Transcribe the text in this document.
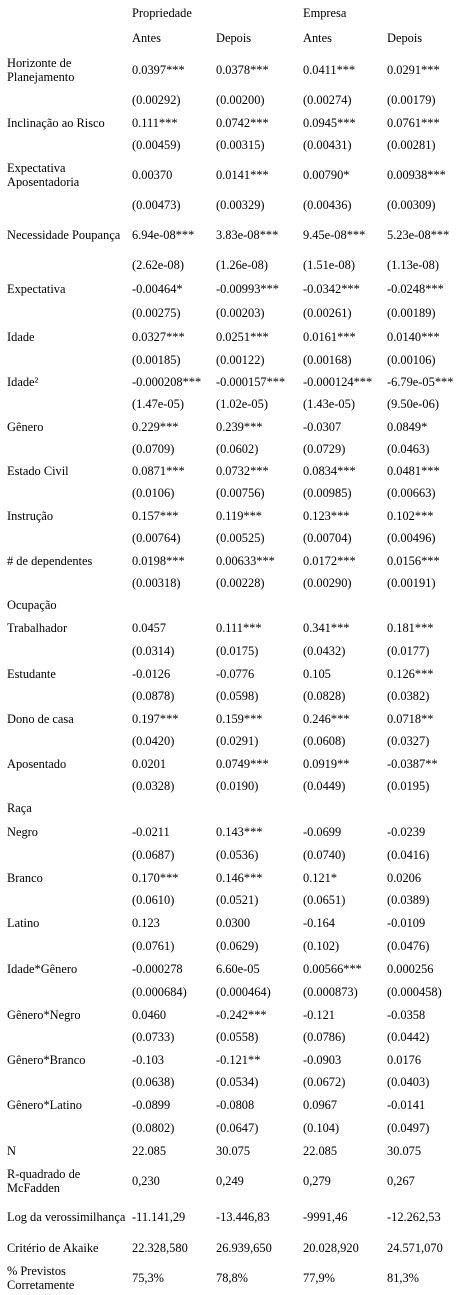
	Propriedade		Empresa	
	Antes	Depois	Antes	Depois
Horizonte de Planejamento	0.0397***	0.0378***	0.0411***	0.0291***
	(0.00292)	(0.00200)	(0.00274)	(0.00179)
Inclinação ao Risco	0.111***	0.0742***	0.0945***	0.0761***
	(0.00459)	(0.00315)	(0.00431)	(0.00281)
Expectativa Aposentadoria	0.00370	0.0141***	0.00790*	0.00938***
	(0.00473)	(0.00329)	(0.00436)	(0.00309)
Necessidade Poupança	6.94e-08***	3.83e-08***	9.45e-08***	5.23e-08***
	(2.62e-08)	(1.26e-08)	(1.51e-08)	(1.13e-08)
Expectativa	-0.00464*	-0.00993***	-0.0342***	-0.0248***
	(0.00275)	(0.00203)	(0.00261)	(0.00189)
Idade	0.0327***	0.0251***	0.0161***	0.0140***
	(0.00185)	(0.00122)	(0.00168)	(0.00106)
Idade²	-0.000208***	-0.000157***	-0.000124***	-6.79e-05***
	(1.47e-05)	(1.02e-05)	(1.43e-05)	(9.50e-06)
Gênero	0.229***	0.239***	-0.0307	0.0849*
	(0.0709)	(0.0602)	(0.0729)	(0.0463)
Estado Civil	0.0871***	0.0732***	0.0834***	0.0481***
	(0.0106)	(0.00756)	(0.00985)	(0.00663)
Instrução	0.157***	0.119***	0.123***	0.102***
	(0.00764)	(0.00525)	(0.00704)	(0.00496)
# de dependentes	0.0198***	0.00633***	0.0172***	0.0156***
	(0.00318)	(0.00228)	(0.00290)	(0.00191)
Ocupação				
Trabalhador	0.0457	0.111***	0.341***	0.181***
	(0.0314)	(0.0175)	(0.0432)	(0.0177)
Estudante	-0.0126	-0.0776	0.105	0.126***
	(0.0878)	(0.0598)	(0.0828)	(0.0382)
Dono de casa	0.197***	0.159***	0.246***	0.0718**
	(0.0420)	(0.0291)	(0.0608)	(0.0327)
Aposentado	0.0201	0.0749***	0.0919**	-0.0387**
	(0.0328)	(0.0190)	(0.0449)	(0.0195)
Raça				
Negro	-0.0211	0.143***	-0.0699	-0.0239
	(0.0687)	(0.0536)	(0.0740)	(0.0416)
Branco	0.170***	0.146***	0.121*	0.0206
	(0.0610)	(0.0521)	(0.0651)	(0.0389)
Latino	0.123	0.0300	-0.164	-0.0109
	(0.0761)	(0.0629)	(0.102)	(0.0476)
Idade*Gênero	-0.000278	6.60e-05	0.00566***	0.000256
	(0.000684)	(0.000464)	(0.000873)	(0.000458)
Gênero*Negro	0.0460	-0.242***	-0.121	-0.0358
	(0.0733)	(0.0558)	(0.0786)	(0.0442)
Gênero*Branco	-0.103	-0.121**	-0.0903	0.0176
	(0.0638)	(0.0534)	(0.0672)	(0.0403)
Gênero*Latino	-0.0899	-0.0808	0.0967	-0.0141
	(0.0802)	(0.0647)	(0.104)	(0.0497)
N	22.085	30.075	22.085	30.075
R-quadrado de McFadden	0,230	0,249	0,279	0,267
Log da verossimilhança	-11.141,29	-13.446,83	-9991,46	-12.262,53
Critério de Akaike	22.328,580	26.939,650	20.028,920	24.571,070
% Previstos Corretamente	75,3%	78,8%	77,9%	81,3%
